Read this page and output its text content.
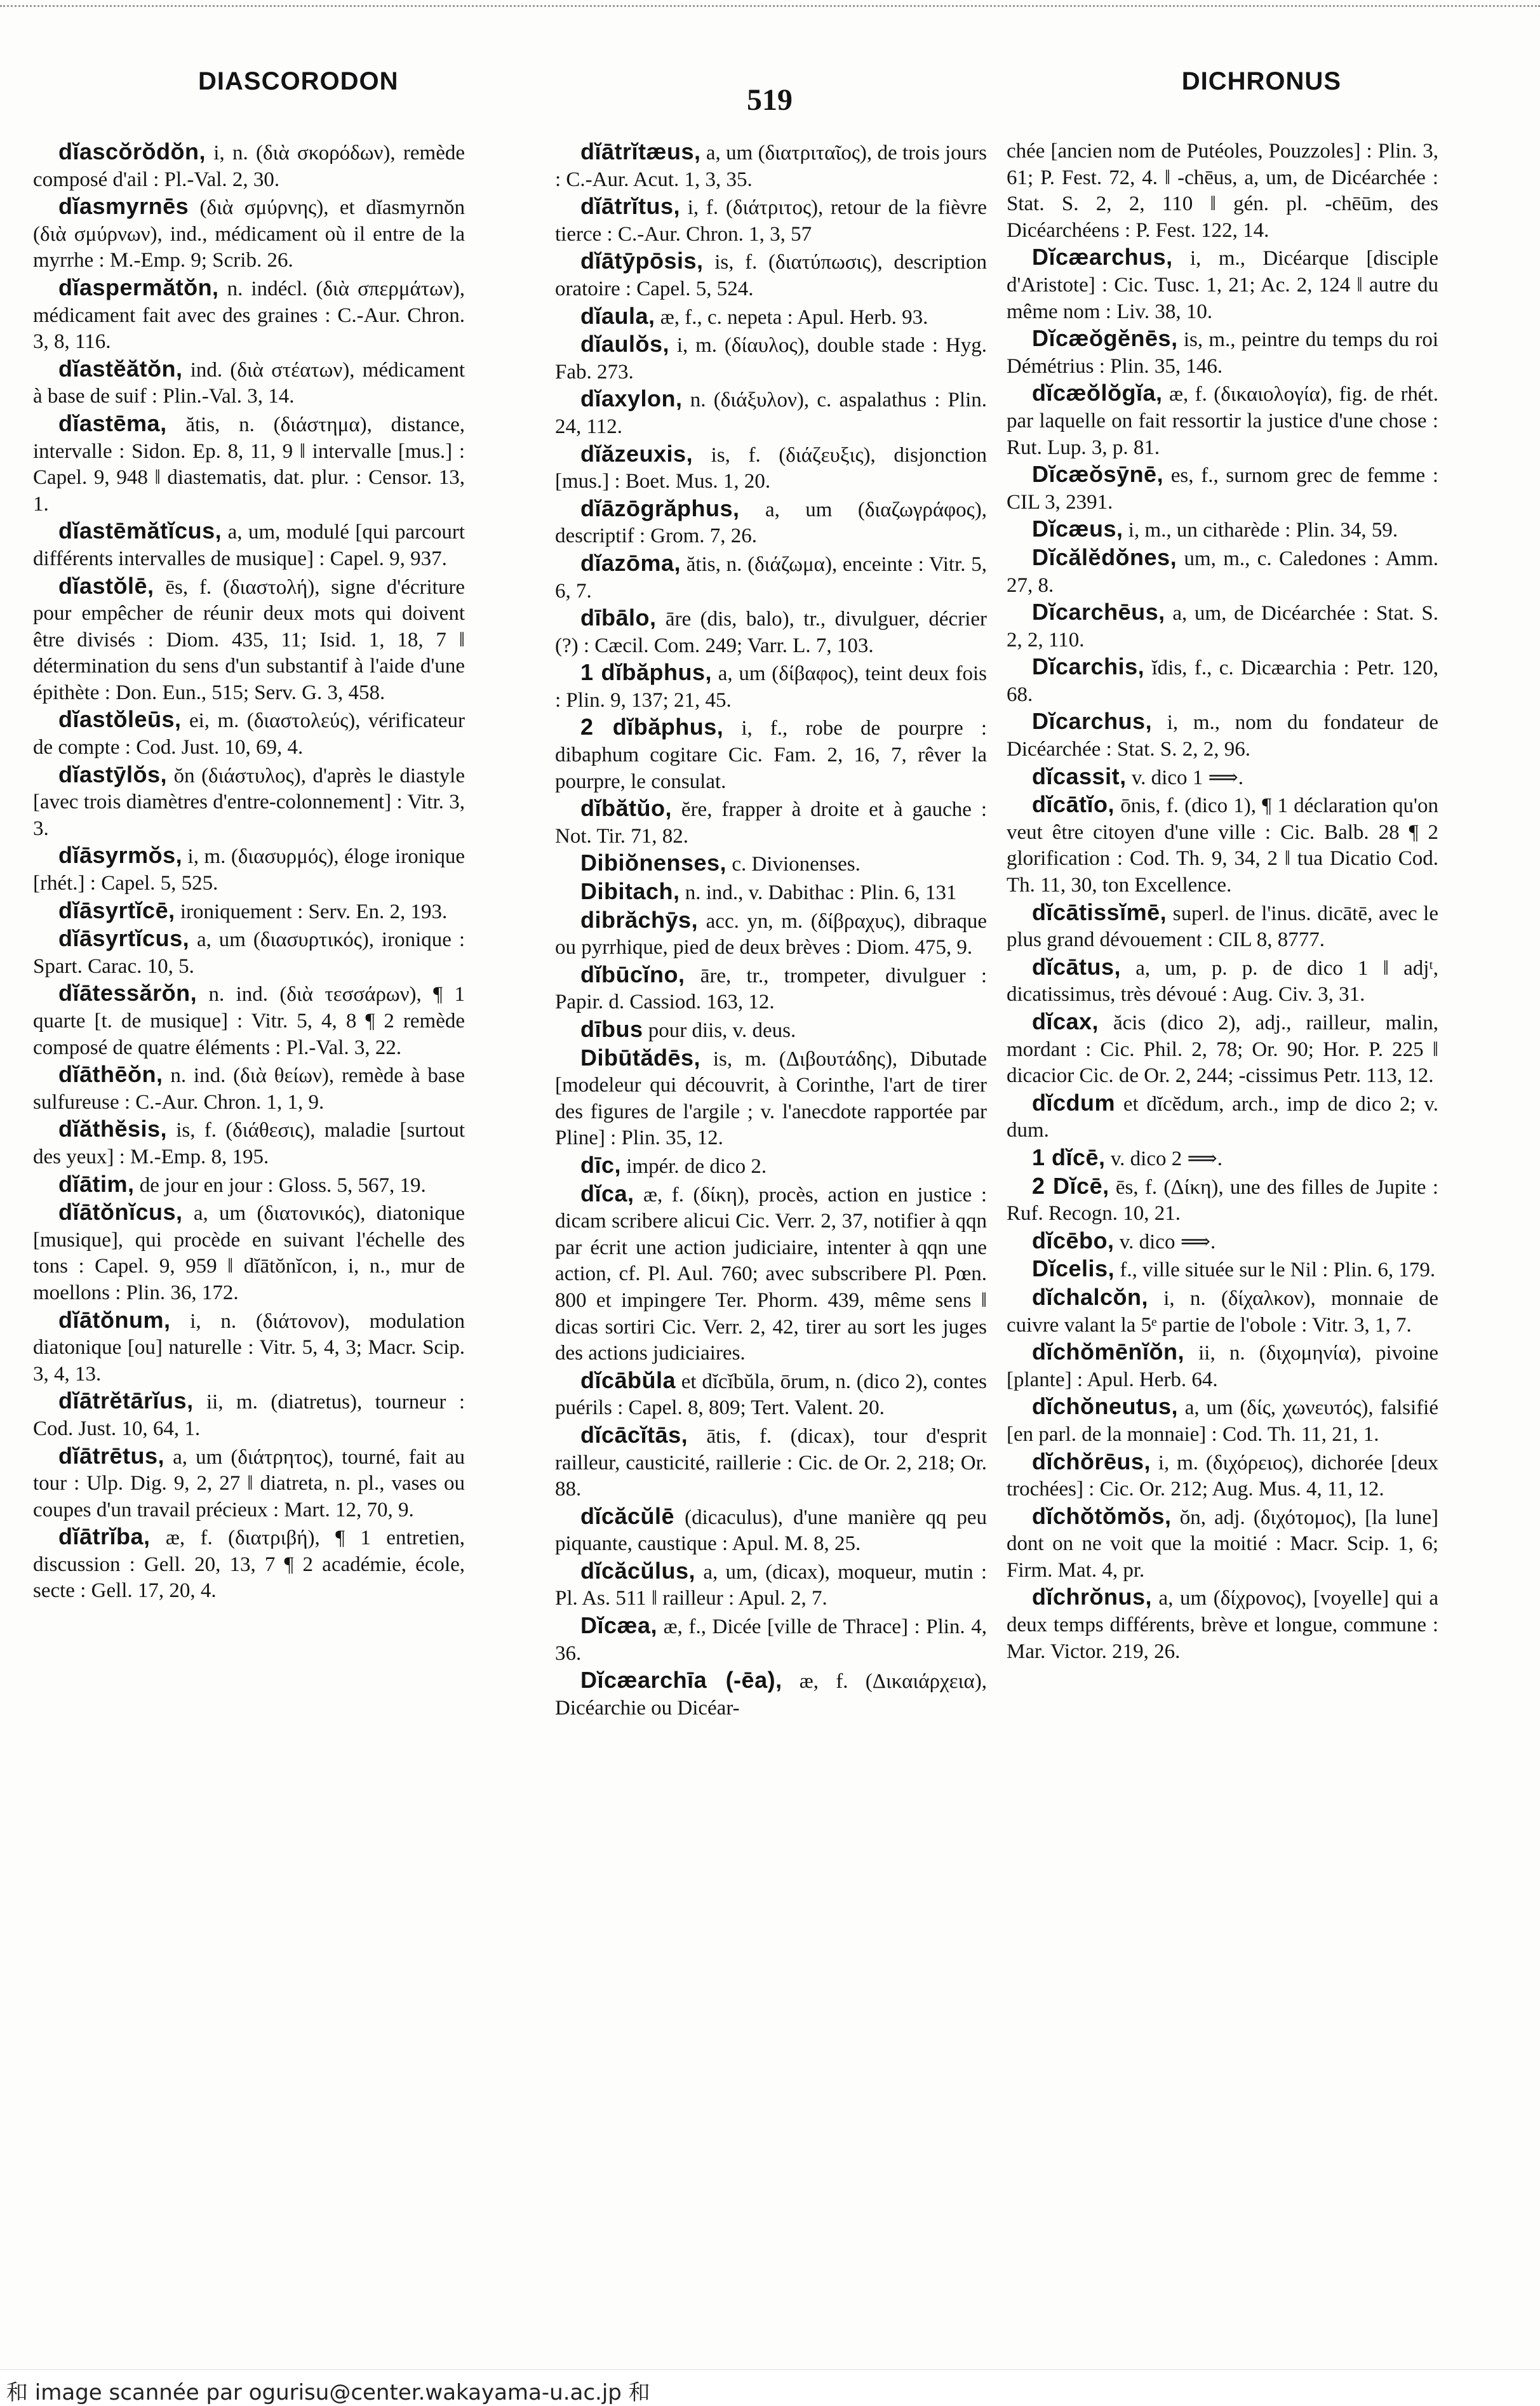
DIASCORODON
519
DICHRONUS

dĭascŏrŏdŏn, i, n. (διὰ σκορόδων), remède composé d'ail : Pl.-Val. 2, 30.

dĭasmyrnēs (διὰ σμύρνης), et dĭasmyrnŏn (διὰ σμύρνων), ind., médicament où il entre de la myrrhe : M.-Emp. 9; Scrib. 26.

dĭaspermătŏn, n. indécl. (διὰ σπερμάτων), médicament fait avec des graines : C.-Aur. Chron. 3, 8, 116.

dĭastĕătŏn, ind. (διὰ στέατων), médicament à base de suif : Plin.-Val. 3, 14.

dĭastēma, ătis, n. (διάστημα), distance, intervalle : Sidon. Ep. 8, 11, 9 ‖ intervalle [mus.] : Capel. 9, 948 ‖ diastematis, dat. plur. : Censor. 13, 1.

dĭastēmătĭcus, a, um, modulé [qui parcourt différents intervalles de musique] : Capel. 9, 937.

dĭastŏlē, ēs, f. (διαστολή), signe d'écriture pour empêcher de réunir deux mots qui doivent être divisés : Diom. 435, 11; Isid. 1, 18, 7 ‖ détermination du sens d'un substantif à l'aide d'une épithète : Don. Eun., 515; Serv. G. 3, 458.

dĭastŏleūs, ei, m. (διαστολεύς), vérificateur de compte : Cod. Just. 10, 69, 4.

dĭastȳlŏs, ŏn (διάστυλος), d'après le diastyle [avec trois diamètres d'entre-colonnement] : Vitr. 3, 3.

dĭāsyrmŏs, i, m. (διασυρμός), éloge ironique [rhét.] : Capel. 5, 525.

dĭāsyrtĭcē, ironiquement : Serv. En. 2, 193.

dĭāsyrtĭcus, a, um (διασυρτικός), ironique : Spart. Carac. 10, 5.

dĭātessărŏn, n. ind. (διὰ τεσσάρων), ¶ 1 quarte [t. de musique] : Vitr. 5, 4, 8 ¶ 2 remède composé de quatre éléments : Pl.-Val. 3, 22.

dĭāthēŏn, n. ind. (διὰ θείων), remède à base sulfureuse : C.-Aur. Chron. 1, 1, 9.

dĭăthĕsis, is, f. (διάθεσις), maladie [surtout des yeux] : M.-Emp. 8, 195.

dĭātim, de jour en jour : Gloss. 5, 567, 19.

dĭātŏnĭcus, a, um (διατονικός), diatonique [musique], qui procède en suivant l'échelle des tons : Capel. 9, 959 ‖ dĭātŏnĭcon, i, n., mur de moellons : Plin. 36, 172.

dĭātŏnum, i, n. (διάτονον), modulation diatonique [ou] naturelle : Vitr. 5, 4, 3; Macr. Scip. 3, 4, 13.

dĭātrĕtārĭus, ii, m. (diatretus), tourneur : Cod. Just. 10, 64, 1.

dĭātrētus, a, um (διάτρητος), tourné, fait au tour : Ulp. Dig. 9, 2, 27 ‖ diatreta, n. pl., vases ou coupes d'un travail précieux : Mart. 12, 70, 9.

dĭātrĭba, æ, f. (διατριβή), ¶ 1 entretien, discussion : Gell. 20, 13, 7 ¶ 2 académie, école, secte : Gell. 17, 20, 4.

dĭātrĭtæus, a, um (διατριταῖος), de trois jours : C.-Aur. Acut. 1, 3, 35.

dĭātrĭtus, i, f. (διάτριτος), retour de la fièvre tierce : C.-Aur. Chron. 1, 3, 57

dĭātȳpōsis, is, f. (διατύπωσις), description oratoire : Capel. 5, 524.

dĭaula, æ, f., c. nepeta : Apul. Herb. 93.

dĭaulŏs, i, m. (δίαυλος), double stade : Hyg. Fab. 273.

dĭaxylon, n. (διάξυλον), c. aspalathus : Plin. 24, 112.

dĭăzeuxis, is, f. (διάζευξις), disjonction [mus.] : Boet. Mus. 1, 20.

dĭāzōgrăphus, a, um (διαζωγράφος), descriptif : Grom. 7, 26.

dĭazōma, ătis, n. (διάζωμα), enceinte : Vitr. 5, 6, 7.

dībālo, āre (dis, balo), tr., divulguer, décrier (?) : Cæcil. Com. 249; Varr. L. 7, 103.

1 dĭbăphus, a, um (δίβαφος), teint deux fois : Plin. 9, 137; 21, 45.

2 dĭbăphus, i, f., robe de pourpre : dibaphum cogitare Cic. Fam. 2, 16, 7, rêver la pourpre, le consulat.

dĭbătŭo, ĕre, frapper à droite et à gauche : Not. Tir. 71, 82.

Dibiŏnenses, c. Divionenses.

Dibitach, n. ind., v. Dabithac : Plin. 6, 131

dibrăchȳs, acc. yn, m. (δίβραχυς), dibraque ou pyrrhique, pied de deux brèves : Diom. 475, 9.

dĭbūcĭno, āre, tr., trompeter, divulguer : Papir. d. Cassiod. 163, 12.

dībus pour diis, v. deus.

Dibūtădēs, is, m. (Διβουτάδης), Dibutade [modeleur qui découvrit, à Corinthe, l'art de tirer des figures de l'argile ; v. l'anecdote rapportée par Pline] : Plin. 35, 12.

dīc, impér. de dico 2.

dĭca, æ, f. (δίκη), procès, action en justice : dicam scribere alicui Cic. Verr. 2, 37, notifier à qqn par écrit une action judiciaire, intenter à qqn une action, cf. Pl. Aul. 760; avec subscribere Pl. Pœn. 800 et impingere Ter. Phorm. 439, même sens ‖ dicas sortiri Cic. Verr. 2, 42, tirer au sort les juges des actions judiciaires.

dĭcābŭla et dĭcĭbŭla, ōrum, n. (dico 2), contes puérils : Capel. 8, 809; Tert. Valent. 20.

dĭcācĭtās, ātis, f. (dicax), tour d'esprit railleur, causticité, raillerie : Cic. de Or. 2, 218; Or. 88.

dĭcăcŭlē (dicaculus), d'une manière qq peu piquante, caustique : Apul. M. 8, 25.

dĭcăcŭlus, a, um, (dicax), moqueur, mutin : Pl. As. 511 ‖ railleur : Apul. 2, 7.

Dĭcæa, æ, f., Dicée [ville de Thrace] : Plin. 4, 36.

Dĭcæarchīa (-ēa), æ, f. (Δικαιάρχεια), Dicéarchie ou Dicéar-

chée [ancien nom de Putéoles, Pouzzoles] : Plin. 3, 61; P. Fest. 72, 4. ‖ -chēus, a, um, de Dicéarchée : Stat. S. 2, 2, 110 ‖ gén. pl. -chēūm, des Dicéarchéens : P. Fest. 122, 14.

Dĭcæarchus, i, m., Dicéarque [disciple d'Aristote] : Cic. Tusc. 1, 21; Ac. 2, 124 ‖ autre du même nom : Liv. 38, 10.

Dĭcæŏgĕnēs, is, m., peintre du temps du roi Démétrius : Plin. 35, 146.

dĭcæŏlŏgĭa, æ, f. (δικαιολογία), fig. de rhét. par laquelle on fait ressortir la justice d'une chose : Rut. Lup. 3, p. 81.

Dĭcæŏsȳnē, es, f., surnom grec de femme : CIL 3, 2391.

Dĭcæus, i, m., un citharède : Plin. 34, 59.

Dĭcălĕdŏnes, um, m., c. Caledones : Amm. 27, 8.

Dĭcarchēus, a, um, de Dicéarchée : Stat. S. 2, 2, 110.

Dĭcarchis, ĭdis, f., c. Dicæarchia : Petr. 120, 68.

Dĭcarchus, i, m., nom du fondateur de Dicéarchée : Stat. S. 2, 2, 96.

dĭcassit, v. dico 1 ⟹.

dĭcātĭo, ōnis, f. (dico 1), ¶ 1 déclaration qu'on veut être citoyen d'une ville : Cic. Balb. 28 ¶ 2 glorification : Cod. Th. 9, 34, 2 ‖ tua Dicatio Cod. Th. 11, 30, ton Excellence.

dĭcātissĭmē, superl. de l'inus. dicātē, avec le plus grand dévouement : CIL 8, 8777.

dĭcātus, a, um, p. p. de dico 1 ‖ adjᵗ, dicatissimus, très dévoué : Aug. Civ. 3, 31.

dĭcax, ăcis (dico 2), adj., railleur, malin, mordant : Cic. Phil. 2, 78; Or. 90; Hor. P. 225 ‖ dicacior Cic. de Or. 2, 244; -cissimus Petr. 113, 12.

dĭcdum et dĭcĕdum, arch., imp de dico 2; v. dum.

1 dĭcē, v. dico 2 ⟹.

2 Dĭcē, ēs, f. (Δίκη), une des filles de Jupite : Ruf. Recogn. 10, 21.

dĭcēbo, v. dico ⟹.

Dĭcelis, f., ville située sur le Nil : Plin. 6, 179.

dĭchalcŏn, i, n. (δίχαλκον), monnaie de cuivre valant la 5ᵉ partie de l'obole : Vitr. 3, 1, 7.

dĭchŏmēnĭŏn, ii, n. (διχομηνία), pivoine [plante] : Apul. Herb. 64.

dĭchŏneutus, a, um (δίς, χωνευτός), falsifié [en parl. de la monnaie] : Cod. Th. 11, 21, 1.

dĭchŏrēus, i, m. (διχόρειος), dichorée [deux trochées] : Cic. Or. 212; Aug. Mus. 4, 11, 12.

dĭchŏtŏmŏs, ŏn, adj. (διχότομος), [la lune] dont on ne voit que la moitié : Macr. Scip. 1, 6; Firm. Mat. 4, pr.

dĭchrŏnus, a, um (δίχρονος), [voyelle] qui a deux temps différents, brève et longue, commune : Mar. Victor. 219, 26.

和 image scannée par ogurisu@center.wakayama-u.ac.jp 和
